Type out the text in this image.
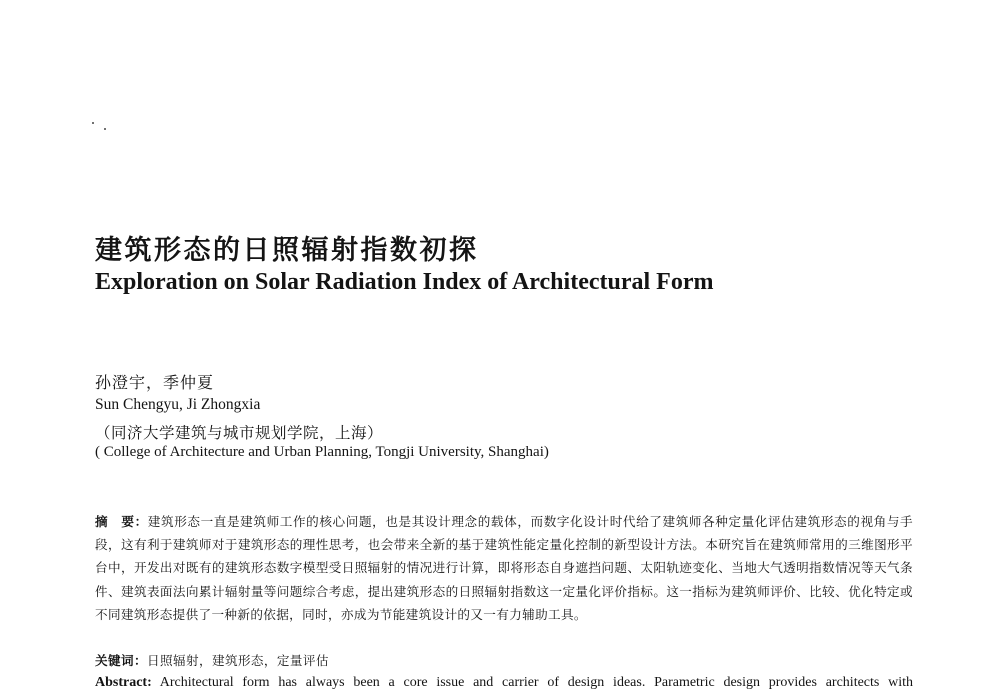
建筑形态的日照辐射指数初探
Exploration on Solar Radiation Index of Architectural Form

孙澄宇，季仲夏

Sun Chengyu, Ji Zhongxia

（同济大学建筑与城市规划学院，上海）

( College of Architecture and Urban Planning, Tongji University, Shanghai)

摘　要：建筑形态一直是建筑师工作的核心问题，也是其设计理念的载体，而数字化设计时代给了建筑师各种定量化评估建筑形态的视角与手段，这有利于建筑师对于建筑形态的理性思考，也会带来全新的基于建筑性能定量化控制的新型设计方法。本研究旨在建筑师常用的三维图形平台中，开发出对既有的建筑形态数字模型受日照辐射的情况进行计算，即将形态自身遮挡问题、太阳轨迹变化、当地大气透明指数情况等天气条件、建筑表面法向累计辐射量等问题综合考虑，提出建筑形态的日照辐射指数这一定量化评价指标。这一指标为建筑师评价、比较、优化特定或不同建筑形态提供了一种新的依据，同时，亦成为节能建筑设计的又一有力辅助工具。

关键词：日照辐射，建筑形态，定量评估

Abstract: Architectural form has always been a core issue and carrier of design ideas. Parametric design provides architects with
